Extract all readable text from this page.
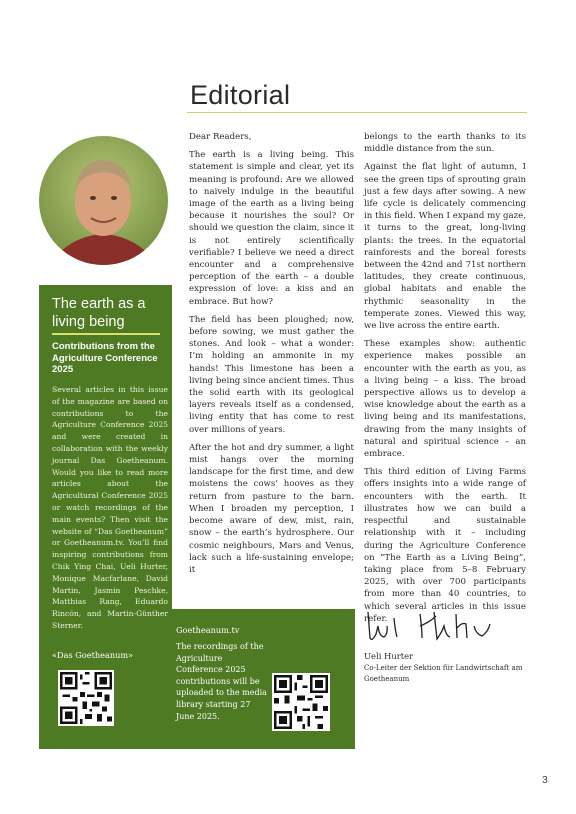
Editorial
The earth as a living being
Contributions from the Agriculture Conference 2025
Several articles in this issue of the magazine are based on contributions to the Agriculture Conference 2025 and were created in collaboration with the weekly journal Das Goetheanum. Would you like to read more articles about the Agricultural Conference 2025 or watch recordings of the main events? Then visit the website of “Das Goetheanum” or Goetheanum.tv. You’ll find inspiring contributions from Chik Ying Chai, Ueli Hurter, Monique Macfarlane, David Martin, Jasmin Peschke, Matthias Rang, Eduardo Rincón, and Martin-Günther Sterner.
«Das Goetheanum»
Goetheanum.tv
The recordings of the Agriculture Conference 2025 contributions will be uploaded to the media library starting 27 June 2025.

Dear Readers,

The earth is a living being. This statement is simple and clear, yet its meaning is profound: Are we allowed to naively indulge in the beautiful image of the earth as a living being because it nourishes the soul? Or should we question the claim, since it is not entirely scientifically verifiable? I believe we need a direct encounter and a comprehensive perception of the earth – a double expression of love: a kiss and an embrace. But how?

The field has been ploughed; now, before sowing, we must gather the stones. And look – what a wonder: I’m holding an ammonite in my hands! This limestone has been a living being since ancient times. Thus the solid earth with its geological layers reveals itself as a condensed, living entity that has come to rest over millions of years.

After the hot and dry summer, a light mist hangs over the morning landscape for the first time, and dew moistens the cows’ hooves as they return from pasture to the barn. When I broaden my perception, I become aware of dew, mist, rain, snow – the earth’s hydrosphere. Our cosmic neighbours, Mars and Venus, lack such a life-sustaining envelope; it

belongs to the earth thanks to its middle distance from the sun.

Against the flat light of autumn, I see the green tips of sprouting grain just a few days after sowing. A new life cycle is delicately commencing in this field. When I expand my gaze, it turns to the great, long-living plants: the trees. In the equatorial rainforests and the boreal forests between the 42nd and 71st northern latitudes, they create continuous, global habitats and enable the rhythmic seasonality in the temperate zones. Viewed this way, we live across the entire earth.

These examples show: authentic experience makes possible an encounter with the earth as you, as a living being – a kiss. The broad perspective allows us to develop a wise knowledge about the earth as a living being and its manifestations, drawing from the many insights of natural and spiritual science – an embrace.

This third edition of Living Farms offers insights into a wide range of encounters with the earth. It illustrates how we can build a respectful and sustainable relationship with it – including during the Agriculture Conference on “The Earth as a Living Being”, taking place from 5–8 February 2025, with over 700 participants from more than 40 countries, to which several articles in this issue refer.

Ueli Hurter
Co-Leiter der Sektion für Landwirtschaft am Goetheanum
3
